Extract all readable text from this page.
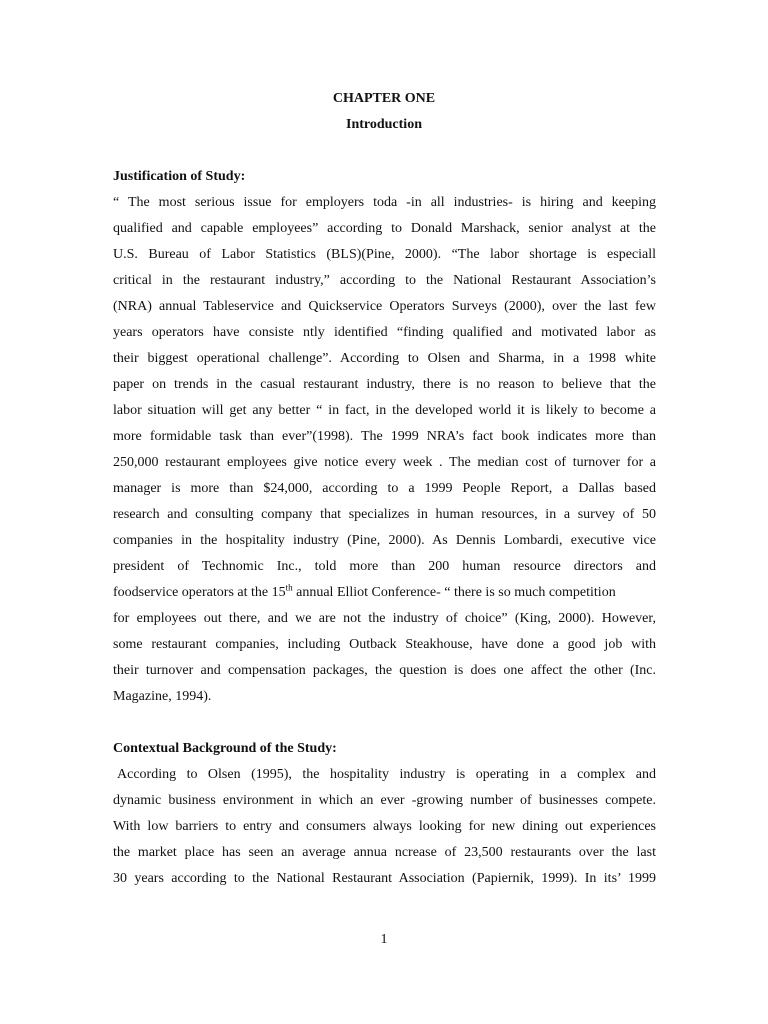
CHAPTER ONE
Introduction
Justification of Study:
“ The most serious issue for employers toda -in all industries- is hiring and keeping
qualified and capable employees” according to Donald Marshack, senior analyst at the
U.S. Bureau of Labor Statistics (BLS)(Pine, 2000). “The labor shortage is especiall
critical in the restaurant industry,” according to the National Restaurant Association’s
(NRA) annual Tableservice and Quickservice Operators Surveys (2000), over the last few
years operators have consiste ntly identified “finding qualified and motivated labor as
their biggest operational challenge”. According to Olsen and Sharma, in a 1998 white
paper on trends in the casual restaurant industry, there is no reason to believe that the
labor situation will get any better “ in fact, in the developed world it is likely to become a
more formidable task than ever”(1998). The 1999 NRA’s fact book indicates more than
250,000 restaurant employees give notice every week . The median cost of turnover for a
manager is more than $24,000, according to a 1999 People Report, a Dallas based
research and consulting company that specializes in human resources, in a survey of 50
companies in the hospitality industry (Pine, 2000). As Dennis Lombardi, executive vice
president of Technomic Inc., told more than 200 human resource directors and
foodservice operators at the 15th annual Elliot Conference- “ there is so much competition
for employees out there, and we are not the industry of choice” (King, 2000). However,
some restaurant companies, including Outback Steakhouse, have done a good job with
their turnover and compensation packages, the question is does one affect the other (Inc.
Magazine, 1994).
Contextual Background of the Study:
According to Olsen (1995), the hospitality industry is operating in a complex and
dynamic business environment in which an ever -growing number of businesses compete.
With low barriers to entry and consumers always looking for new dining out experiences
the market place has seen an average annua ncrease of 23,500 restaurants over the last
30 years according to the National Restaurant Association (Papiernik, 1999). In its’ 1999
1
